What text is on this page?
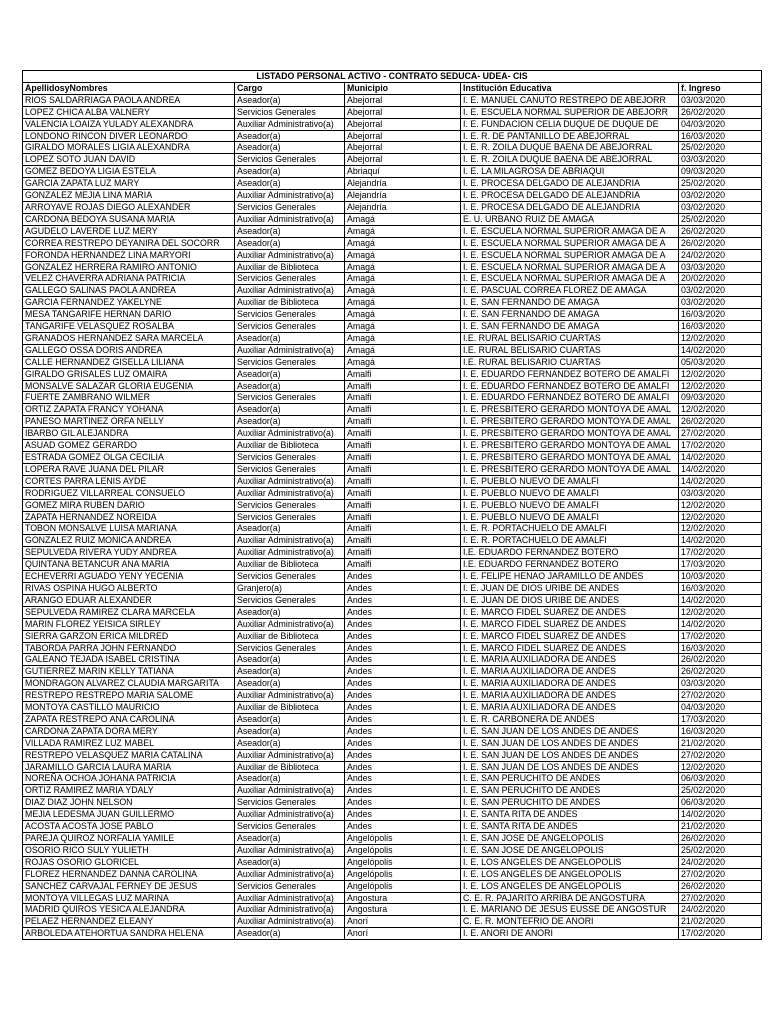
LISTADO PERSONAL ACTIVO - CONTRATO SEDUCA- UDEA- CIS				
ApellidosyNombres	Cargo	Municipio	Institución Educativa	f. Ingreso
RIOS SALDARRIAGA PAOLA ANDREA	Aseador(a)	Abejorral	I. E. MANUEL CANUTO RESTREPO DE ABEJORR	03/03/2020
LOPEZ CHICA ALBA VALNERY	Servicios Generales	Abejorral	I. E. ESCUELA NORMAL SUPERIOR DE ABEJORR	26/02/2020
VALENCIA LOAIZA YULADY ALEXANDRA	Auxiliar Administrativo(a)	Abejorral	I. E. FUNDACION CELIA DUQUE DE DUQUE DE	04/03/2020
LONDONO RINCON DIVER LEONARDO	Aseador(a)	Abejorral	I. E. R. DE PANTANILLO DE ABEJORRAL	16/03/2020
GIRALDO MORALES LIGIA ALEXANDRA	Aseador(a)	Abejorral	I. E. R. ZOILA DUQUE BAENA DE ABEJORRAL	25/02/2020
LOPEZ SOTO JUAN DAVID	Servicios Generales	Abejorral	I. E. R. ZOILA DUQUE BAENA DE ABEJORRAL	03/03/2020
GOMEZ BEDOYA LIGIA ESTELA	Aseador(a)	Abriaquí	I. E. LA MILAGROSA DE ABRIAQUI	09/03/2020
GARCIA ZAPATA LUZ MARY	Aseador(a)	Alejandría	I. E. PROCESA DELGADO DE ALEJANDRIA	25/02/2020
GONZALEZ MEJIA LINA MARIA	Auxiliar Administrativo(a)	Alejandría	I. E. PROCESA DELGADO DE ALEJANDRIA	03/02/2020
ARROYAVE ROJAS DIEGO ALEXANDER	Servicios Generales	Alejandría	I. E. PROCESA DELGADO DE ALEJANDRIA	03/02/2020
CARDONA BEDOYA SUSANA MARIA	Auxiliar Administrativo(a)	Amagá	E. U. URBANO RUIZ DE AMAGA	25/02/2020
AGUDELO LAVERDE LUZ MERY	Aseador(a)	Amagá	I. E. ESCUELA NORMAL SUPERIOR AMAGA DE A	26/02/2020
CORREA RESTREPO DEYANIRA DEL SOCORR	Aseador(a)	Amagá	I. E. ESCUELA NORMAL SUPERIOR AMAGA DE A	26/02/2020
FORONDA HERNANDEZ LINA MARYORI	Auxiliar Administrativo(a)	Amagá	I. E. ESCUELA NORMAL SUPERIOR AMAGA DE A	24/02/2020
GONZALEZ HERRERA RAMIRO ANTONIO	Auxiliar de Biblioteca	Amagá	I. E. ESCUELA NORMAL SUPERIOR AMAGA DE A	03/03/2020
VELEZ CHAVERRA ADRIANA PATRICIA	Servicios Generales	Amagá	I. E. ESCUELA NORMAL SUPERIOR AMAGA DE A	20/02/2020
GALLEGO SALINAS PAOLA ANDREA	Auxiliar Administrativo(a)	Amagá	I. E. PASCUAL CORREA FLOREZ DE AMAGA	03/02/2020
GARCIA FERNANDEZ YAKELYNE	Auxiliar de Biblioteca	Amagá	I. E. SAN FERNANDO DE AMAGA	03/02/2020
MESA TANGARIFE HERNAN DARIO	Servicios Generales	Amagá	I. E. SAN FERNANDO DE AMAGA	16/03/2020
TANGARIFE VELASQUEZ ROSALBA	Servicios Generales	Amagá	I. E. SAN FERNANDO DE AMAGA	16/03/2020
GRANADOS HERNANDEZ SARA MARCELA	Aseador(a)	Amagá	I.E. RURAL BELISARIO CUARTAS	12/02/2020
GALLEGO OSSA DORIS ANDREA	Auxiliar Administrativo(a)	Amagá	I.E. RURAL BELISARIO CUARTAS	14/02/2020
CALLE HERNANDEZ GISELLA LILIANA	Servicios Generales	Amagá	I.E. RURAL BELISARIO CUARTAS	05/03/2020
GIRALDO GRISALES LUZ OMAIRA	Aseador(a)	Amalfi	I. E. EDUARDO FERNANDEZ BOTERO DE AMALFI	12/02/2020
MONSALVE SALAZAR GLORIA EUGENIA	Aseador(a)	Amalfi	I. E. EDUARDO FERNANDEZ BOTERO DE AMALFI	12/02/2020
FUERTE ZAMBRANO WILMER	Servicios Generales	Amalfi	I. E. EDUARDO FERNANDEZ BOTERO DE AMALFI	09/03/2020
ORTIZ ZAPATA FRANCY YOHANA	Aseador(a)	Amalfi	I. E. PRESBITERO GERARDO MONTOYA DE AMAL	12/02/2020
PANESO MARTINEZ ORFA NELLY	Aseador(a)	Amalfi	I. E. PRESBITERO GERARDO MONTOYA DE AMAL	26/02/2020
IBARBO GIL ALEJANDRA	Auxiliar Administrativo(a)	Amalfi	I. E. PRESBITERO GERARDO MONTOYA DE AMAL	27/02/2020
ASUAD GOMEZ GERARDO	Auxiliar de Biblioteca	Amalfi	I. E. PRESBITERO GERARDO MONTOYA DE AMAL	17/02/2020
ESTRADA GOMEZ OLGA CECILIA	Servicios Generales	Amalfi	I. E. PRESBITERO GERARDO MONTOYA DE AMAL	14/02/2020
LOPERA RAVE JUANA DEL PILAR	Servicios Generales	Amalfi	I. E. PRESBITERO GERARDO MONTOYA DE AMAL	14/02/2020
CORTES PARRA LENIS AYDE	Auxiliar Administrativo(a)	Amalfi	I. E. PUEBLO NUEVO DE AMALFI	14/02/2020
RODRIGUEZ VILLARREAL CONSUELO	Auxiliar Administrativo(a)	Amalfi	I. E. PUEBLO NUEVO DE AMALFI	03/03/2020
GOMEZ MIRA RUBEN DARIO	Servicios Generales	Amalfi	I. E. PUEBLO NUEVO DE AMALFI	12/02/2020
ZAPATA HERNANDEZ NOREIDA	Servicios Generales	Amalfi	I. E. PUEBLO NUEVO DE AMALFI	12/02/2020
TOBON MONSALVE LUISA MARIANA	Aseador(a)	Amalfi	I. E. R. PORTACHUELO DE AMALFI	12/02/2020
GONZALEZ RUIZ MONICA ANDREA	Auxiliar Administrativo(a)	Amalfi	I. E. R. PORTACHUELO DE AMALFI	14/02/2020
SEPULVEDA RIVERA YUDY ANDREA	Auxiliar Administrativo(a)	Amalfi	I.E. EDUARDO FERNANDEZ BOTERO	17/02/2020
QUINTANA BETANCUR ANA MARIA	Auxiliar de Biblioteca	Amalfi	I.E. EDUARDO FERNANDEZ BOTERO	17/03/2020
ECHEVERRI AGUADO YENY YECENIA	Servicios Generales	Andes	I. E. FELIPE HENAO JARAMILLO DE ANDES	10/03/2020
RIVAS OSPINA HUGO ALBERTO	Granjero(a)	Andes	I. E. JUAN DE DIOS URIBE DE ANDES	16/03/2020
ARANGO EDUAR ALEXANDER	Servicios Generales	Andes	I. E. JUAN DE DIOS URIBE DE ANDES	14/02/2020
SEPULVEDA RAMIREZ CLARA MARCELA	Aseador(a)	Andes	I. E. MARCO FIDEL SUAREZ DE ANDES	12/02/2020
MARIN FLOREZ YEISICA SIRLEY	Auxiliar Administrativo(a)	Andes	I. E. MARCO FIDEL SUAREZ DE ANDES	14/02/2020
SIERRA GARZON ERICA MILDRED	Auxiliar de Biblioteca	Andes	I. E. MARCO FIDEL SUAREZ DE ANDES	17/02/2020
TABORDA PARRA JOHN FERNANDO	Servicios Generales	Andes	I. E. MARCO FIDEL SUAREZ DE ANDES	16/03/2020
GALEANO TEJADA ISABEL CRISTINA	Aseador(a)	Andes	I. E. MARIA AUXILIADORA DE ANDES	26/02/2020
GUTIERREZ MARIN KELLY TATIANA	Aseador(a)	Andes	I. E. MARIA AUXILIADORA DE ANDES	26/02/2020
MONDRAGON ALVAREZ CLAUDIA MARGARITA	Aseador(a)	Andes	I. E. MARIA AUXILIADORA DE ANDES	03/03/2020
RESTREPO RESTREPO MARIA SALOME	Auxiliar Administrativo(a)	Andes	I. E. MARIA AUXILIADORA DE ANDES	27/02/2020
MONTOYA CASTILLO MAURICIO	Auxiliar de Biblioteca	Andes	I. E. MARIA AUXILIADORA DE ANDES	04/03/2020
ZAPATA RESTREPO ANA CAROLINA	Aseador(a)	Andes	I. E. R. CARBONERA DE ANDES	17/03/2020
CARDONA ZAPATA DORA MERY	Aseador(a)	Andes	I. E. SAN JUAN DE LOS ANDES DE ANDES	16/03/2020
VILLADA RAMIREZ LUZ MABEL	Aseador(a)	Andes	I. E. SAN JUAN DE LOS ANDES DE ANDES	21/02/2020
RESTREPO VELASQUEZ MARIA CATALINA	Auxiliar Administrativo(a)	Andes	I. E. SAN JUAN DE LOS ANDES DE ANDES	27/02/2020
JARAMILLO GARCIA LAURA MARIA	Auxiliar de Biblioteca	Andes	I. E. SAN JUAN DE LOS ANDES DE ANDES	12/02/2020
NOREÑA OCHOA JOHANA PATRICIA	Aseador(a)	Andes	I. E. SAN PERUCHITO DE ANDES	06/03/2020
ORTIZ RAMIREZ MARIA YDALY	Auxiliar Administrativo(a)	Andes	I. E. SAN PERUCHITO DE ANDES	25/02/2020
DIAZ DIAZ JOHN NELSON	Servicios Generales	Andes	I. E. SAN PERUCHITO DE ANDES	06/03/2020
MEJIA LEDESMA JUAN GUILLERMO	Auxiliar Administrativo(a)	Andes	I. E. SANTA RITA DE ANDES	14/02/2020
ACOSTA ACOSTA JOSE PABLO	Servicios Generales	Andes	I. E. SANTA RITA DE ANDES	21/02/2020
PAREJA QUIROZ NORFALIA YAMILE	Aseador(a)	Angelópolis	I. E. SAN JOSE DE ANGELOPOLIS	26/02/2020
OSORIO RICO SULY YULIETH	Auxiliar Administrativo(a)	Angelópolis	I. E. SAN JOSE DE ANGELOPOLIS	25/02/2020
ROJAS OSORIO GLORICEL	Aseador(a)	Angelópolis	I. E. LOS ANGELES DE ANGELOPOLIS	24/02/2020
FLOREZ HERNANDEZ DANNA CAROLINA	Auxiliar Administrativo(a)	Angelópolis	I. E. LOS ANGELES DE ANGELOPOLIS	27/02/2020
SANCHEZ CARVAJAL FERNEY DE JESUS	Servicios Generales	Angelópolis	I. E. LOS ANGELES DE ANGELOPOLIS	26/02/2020
MONTOYA VILLEGAS LUZ MARINA	Auxiliar Administrativo(a)	Angostura	C. E. R. PAJARITO ARRIBA DE ANGOSTURA	27/02/2020
MADRID QUIROS YESICA ALEJANDRA	Auxiliar Administrativo(a)	Angostura	I. E. MARIANO DE JESUS EUSSE DE ANGOSTUR	24/02/2020
PELAEZ HERNANDEZ ELEANY	Auxiliar Administrativo(a)	Anorí	C. E. R. MONTEFRIO DE ANORI	21/02/2020
ARBOLEDA ATEHORTUA SANDRA HELENA	Aseador(a)	Anorí	I. E. ANORI DE ANORI	17/02/2020
